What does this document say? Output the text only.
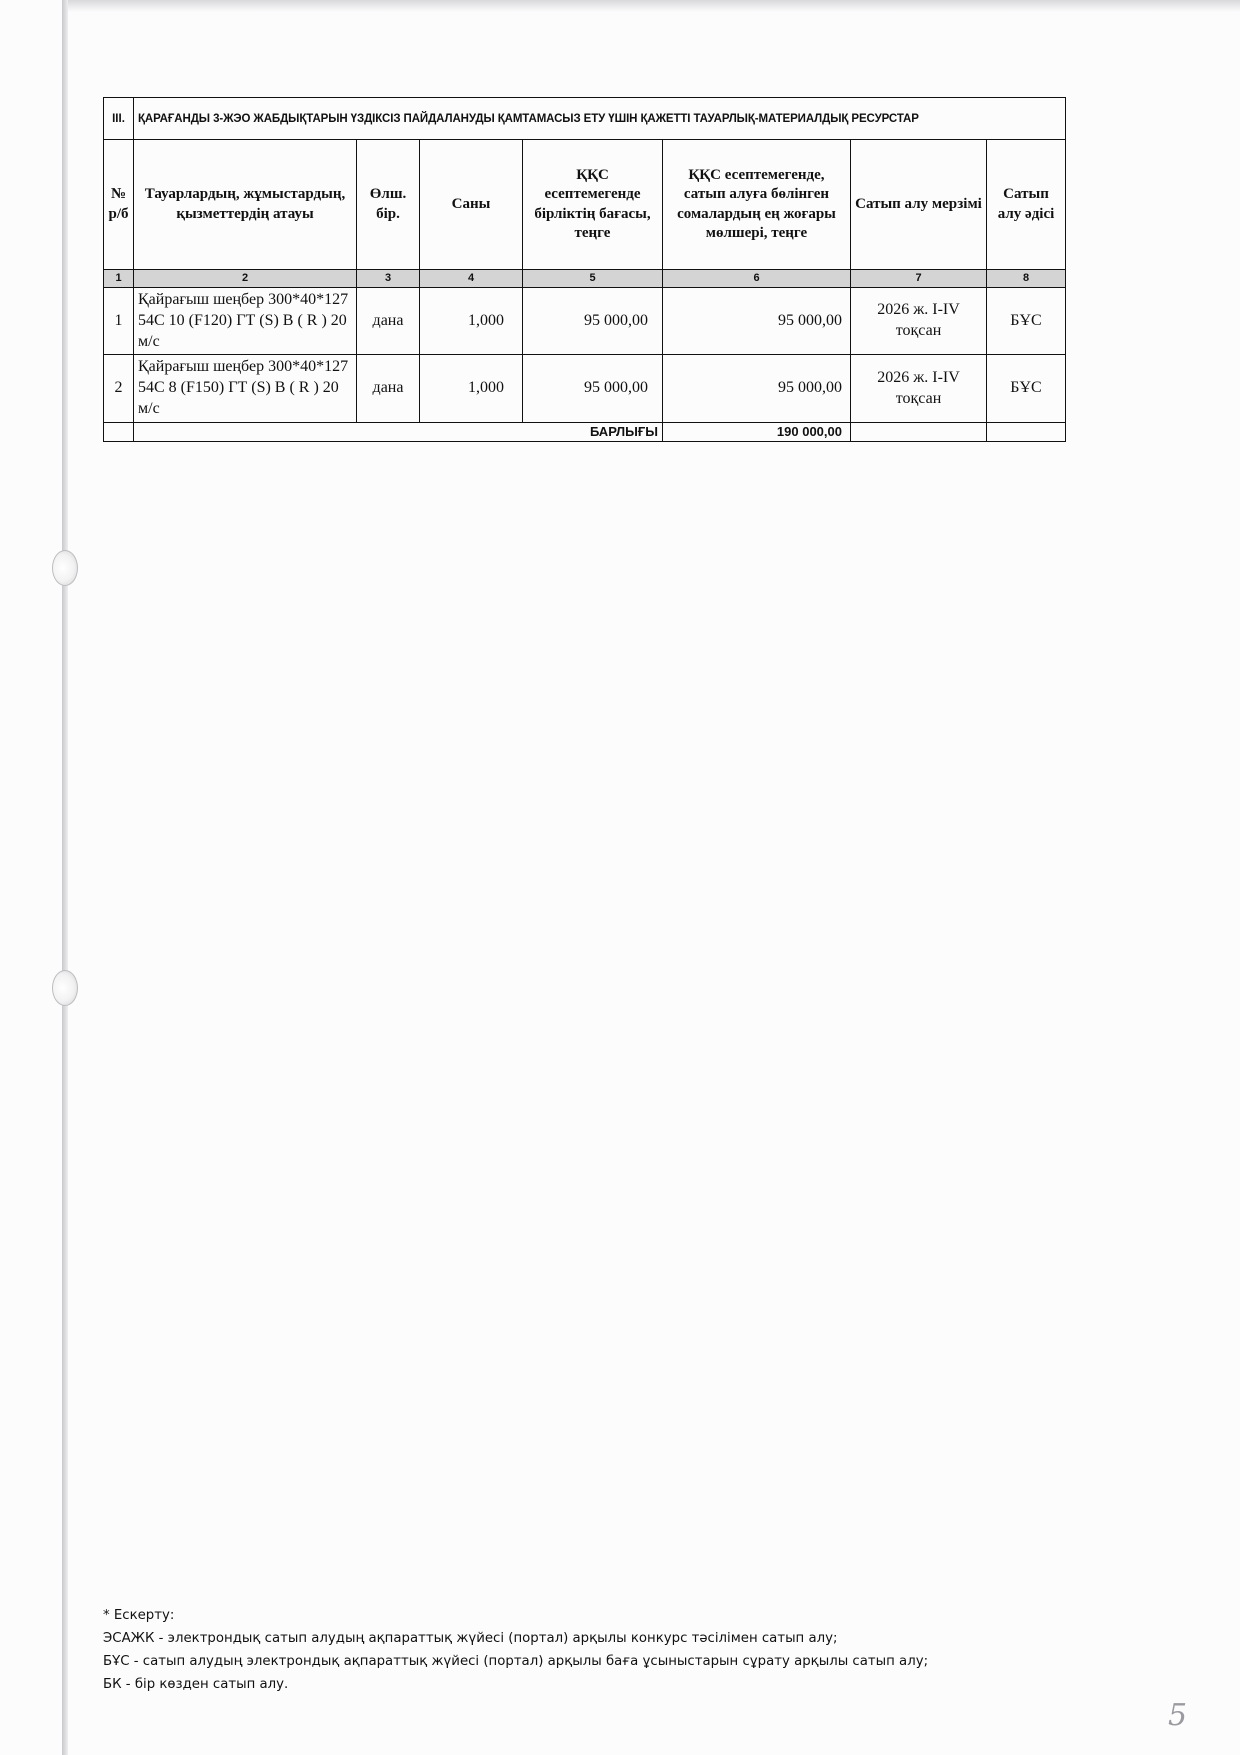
III.	ҚАРАҒАНДЫ 3-ЖЭО ЖАБДЫҚТАРЫН ҮЗДІКСІЗ ПАЙДАЛАНУДЫ ҚАМТАМАСЫЗ ЕТУ ҮШІН ҚАЖЕТТІ ТАУАРЛЫҚ-МАТЕРИАЛДЫҚ РЕСУРСТАР						
№ р/б	Тауарлардың, жұмыстардың, қызметтердің атауы	Өлш. бір.	Саны	ҚҚС есептемегенде бірліктің бағасы, теңге	ҚҚС есептемегенде, сатып алуға бөлінген сомалардың ең жоғары мөлшері, теңге	Сатып алу мерзімі	Сатып алу әдісі
1	2	3	4	5	6	7	8
1	Қайрағыш шеңбер 300*40*127 54С 10 (F120) ГТ (S) В ( R ) 20 м/с	дана	1,000	95 000,00	95 000,00	2026 ж. I-IV тоқсан	БҰС
2	Қайрағыш шеңбер 300*40*127 54С 8 (F150) ГТ (S) В ( R ) 20 м/с	дана	1,000	95 000,00	95 000,00	2026 ж. I-IV тоқсан	БҰС
	БАРЛЫҒЫ				190 000,00		
* Ескерту:
ЭСАЖК - электрондық сатып алудың ақпараттық жүйесі (портал) арқылы конкурс тәсілімен сатып алу;
БҰС - сатып алудың электрондық ақпараттық жүйесі (портал) арқылы баға ұсыныстарын сұрату арқылы сатып алу;
БК - бір көзден сатып алу.
5
